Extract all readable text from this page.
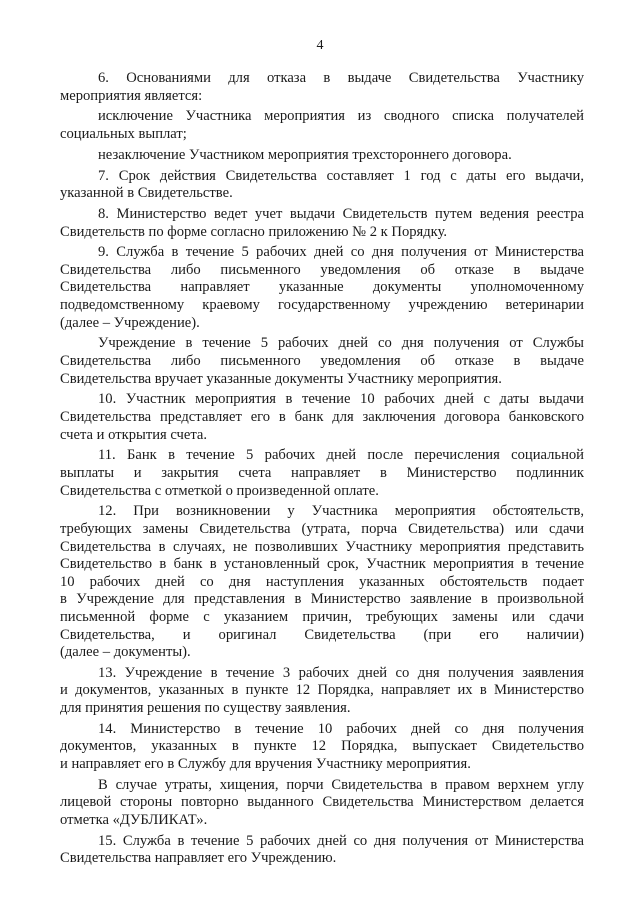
4
6. Основаниями для отказа в выдаче Свидетельства Участнику
мероприятия является:
исключение Участника мероприятия из сводного списка получателей
социальных выплат;
незаключение Участником мероприятия трехстороннего договора.
7. Срок действия Свидетельства составляет 1 год с даты его выдачи,
указанной в Свидетельстве.
8. Министерство ведет учет выдачи Свидетельств путем ведения реестра
Свидетельств по форме согласно приложению № 2 к Порядку.
9. Служба в течение 5 рабочих дней со дня получения от Министерства
Свидетельства либо письменного уведомления об отказе в выдаче
Свидетельства направляет указанные документы уполномоченному
подведомственному краевому государственному учреждению ветеринарии
(далее – Учреждение).
Учреждение в течение 5 рабочих дней со дня получения от Службы
Свидетельства либо письменного уведомления об отказе в выдаче
Свидетельства вручает указанные документы Участнику мероприятия.
10. Участник мероприятия в течение 10 рабочих дней с даты выдачи
Свидетельства представляет его в банк для заключения договора банковского
счета и открытия счета.
11. Банк в течение 5 рабочих дней после перечисления социальной
выплаты и закрытия счета направляет в Министерство подлинник
Свидетельства с отметкой о произведенной оплате.
12. При возникновении у Участника мероприятия обстоятельств,
требующих замены Свидетельства (утрата, порча Свидетельства) или сдачи
Свидетельства в случаях, не позволивших Участнику мероприятия представить
Свидетельство в банк в установленный срок, Участник мероприятия в течение
10 рабочих дней со дня наступления указанных обстоятельств подает
в Учреждение для представления в Министерство заявление в произвольной
письменной форме с указанием причин, требующих замены или сдачи
Свидетельства, и оригинал Свидетельства (при его наличии)
(далее – документы).
13. Учреждение в течение 3 рабочих дней со дня получения заявления
и документов, указанных в пункте 12 Порядка, направляет их в Министерство
для принятия решения по существу заявления.
14. Министерство в течение 10 рабочих дней со дня получения
документов, указанных в пункте 12 Порядка, выпускает Свидетельство
и направляет его в Службу для вручения Участнику мероприятия.
В случае утраты, хищения, порчи Свидетельства в правом верхнем углу
лицевой стороны повторно выданного Свидетельства Министерством делается
отметка «ДУБЛИКАТ».
15. Служба в течение 5 рабочих дней со дня получения от Министерства
Свидетельства направляет его Учреждению.
